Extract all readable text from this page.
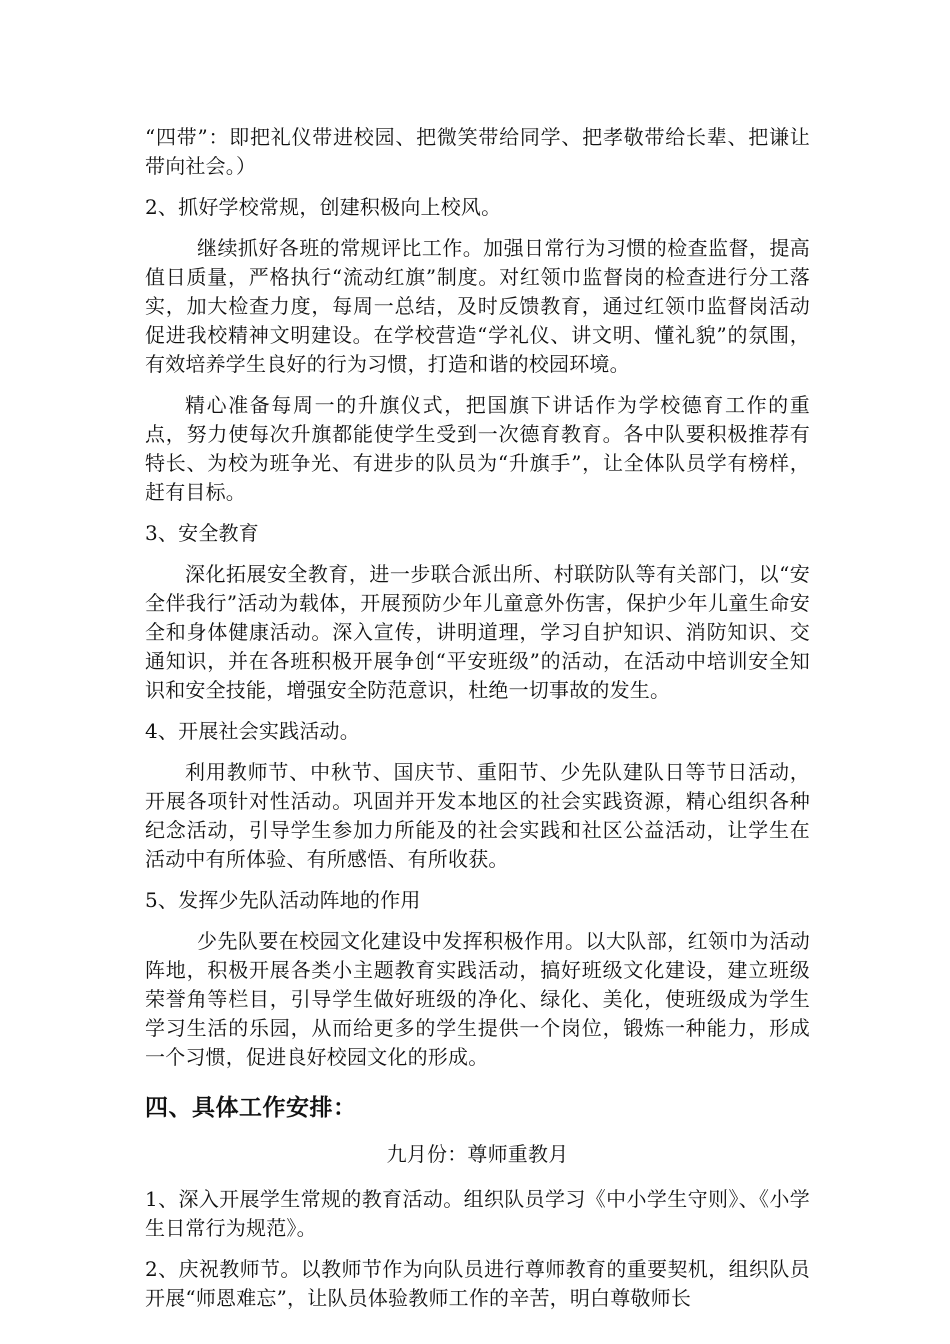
“四带”：即把礼仪带进校园、把微笑带给同学、把孝敬带给长辈、把谦让带向社会。）

2、抓好学校常规，创建积极向上校风。

继续抓好各班的常规评比工作。加强日常行为习惯的检查监督，提高值日质量，严格执行“流动红旗”制度。对红领巾监督岗的检查进行分工落实，加大检查力度，每周一总结，及时反馈教育，通过红领巾监督岗活动促进我校精神文明建设。在学校营造“学礼仪、讲文明、懂礼貌”的氛围，有效培养学生良好的行为习惯，打造和谐的校园环境。

精心准备每周一的升旗仪式，把国旗下讲话作为学校德育工作的重点，努力使每次升旗都能使学生受到一次德育教育。各中队要积极推荐有特长、为校为班争光、有进步的队员为“升旗手”，让全体队员学有榜样，赶有目标。

3、安全教育

深化拓展安全教育，进一步联合派出所、村联防队等有关部门，以“安全伴我行”活动为载体，开展预防少年儿童意外伤害，保护少年儿童生命安全和身体健康活动。深入宣传，讲明道理，学习自护知识、消防知识、交通知识，并在各班积极开展争创“平安班级”的活动，在活动中培训安全知识和安全技能，增强安全防范意识，杜绝一切事故的发生。

4、开展社会实践活动。

利用教师节、中秋节、国庆节、重阳节、少先队建队日等节日活动，开展各项针对性活动。巩固并开发本地区的社会实践资源，精心组织各种纪念活动，引导学生参加力所能及的社会实践和社区公益活动，让学生在活动中有所体验、有所感悟、有所收获。

5、发挥少先队活动阵地的作用

少先队要在校园文化建设中发挥积极作用。以大队部，红领巾为活动阵地，积极开展各类小主题教育实践活动，搞好班级文化建设，建立班级荣誉角等栏目，引导学生做好班级的净化、绿化、美化，使班级成为学生学习生活的乐园，从而给更多的学生提供一个岗位，锻炼一种能力，形成一个习惯，促进良好校园文化的形成。

四、具体工作安排：

九月份：尊师重教月

1、深入开展学生常规的教育活动。组织队员学习《中小学生守则》、《小学生日常行为规范》。

2、庆祝教师节。以教师节作为向队员进行尊师教育的重要契机，组织队员开展“师恩难忘”，让队员体验教师工作的辛苦，明白尊敬师长
